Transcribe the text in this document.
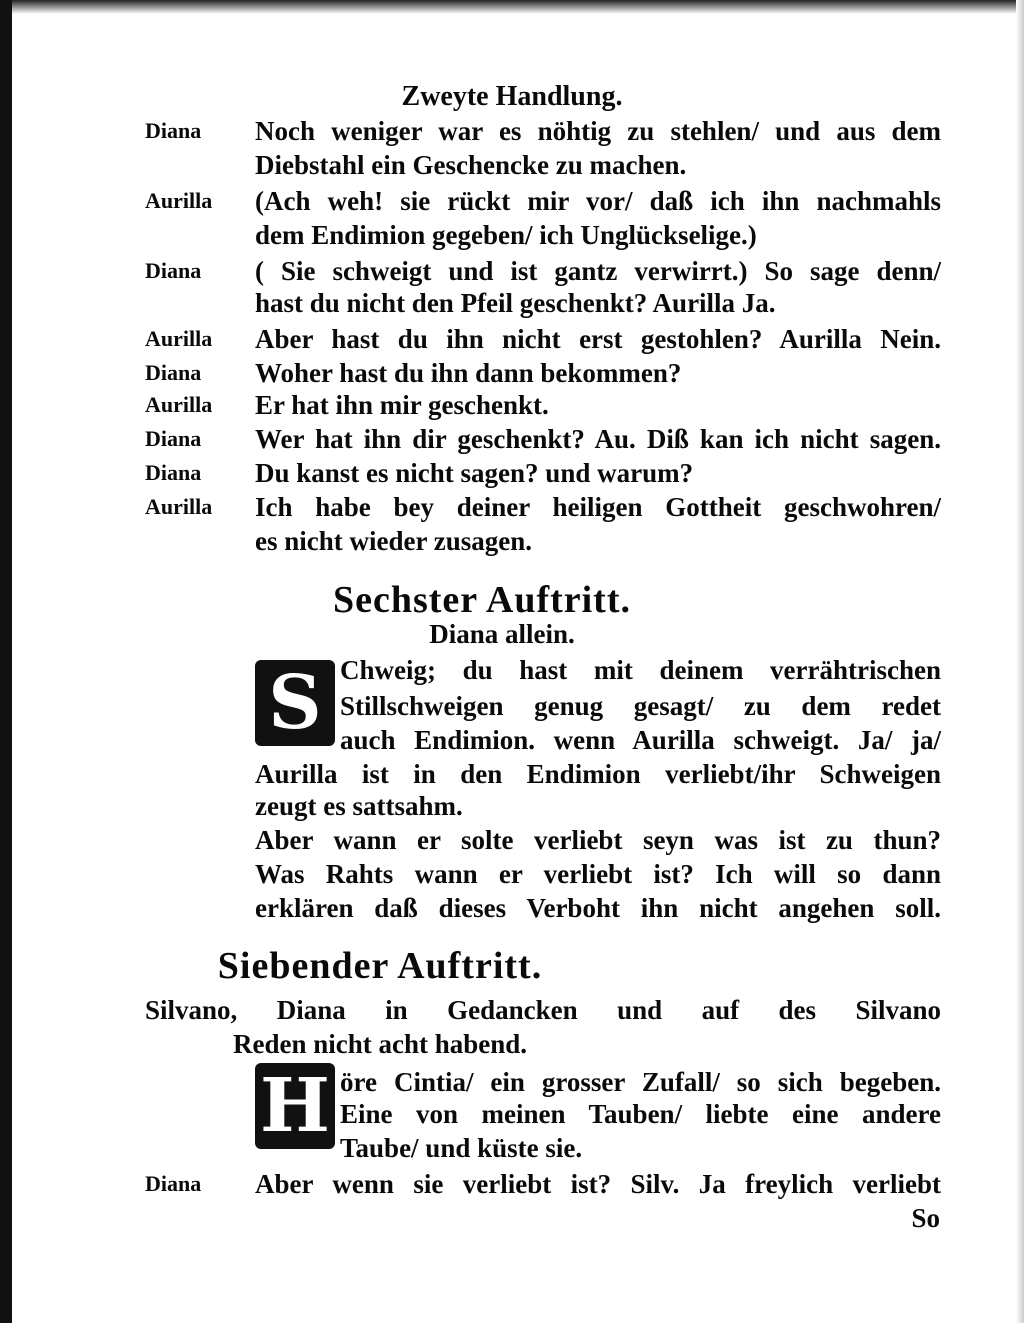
Zweyte Handlung.
Diana Noch weniger war es nöhtig zu stehlen/ und aus dem
Diebstahl ein Geschencke zu machen.
Aurilla (Ach weh! sie rückt mir vor/ daß ich ihn nachmahls
dem Endimion gegeben/ ich Unglückselige.)
Diana ( Sie schweigt und ist gantz verwirrt.) So sage denn/
hast du nicht den Pfeil geschenkt? Aurilla Ja.
Aurilla Aber hast du ihn nicht erst gestohlen? Aurilla Nein.
Diana Woher hast du ihn dann bekommen?
Aurilla Er hat ihn mir geschenkt.
Diana Wer hat ihn dir geschenkt? Au. Diß kan ich nicht sagen.
Diana Du kanst es nicht sagen? und warum?
Aurilla Ich habe bey deiner heiligen Gottheit geschwohren/
es nicht wieder zusagen.
Sechster Auftritt.
Diana allein.
S Chweig; du hast mit deinem verrähtrischen
Stillschweigen genug gesagt/ zu dem redet
auch Endimion. wenn Aurilla schweigt. Ja/ ja/
Aurilla ist in den Endimion verliebt/ihr Schweigen
zeugt es sattsahm.
Aber wann er solte verliebt seyn was ist zu thun?
Was Rahts wann er verliebt ist? Ich will so dann
erklären daß dieses Verboht ihn nicht angehen soll.
Siebender Auftritt.
Silvano, Diana in Gedancken und auf des Silvano
Reden nicht acht habend.
H öre Cintia/ ein grosser Zufall/ so sich begeben.
Eine von meinen Tauben/ liebte eine andere
Taube/ und küste sie.
Diana Aber wenn sie verliebt ist? Silv. Ja freylich verliebt
So
